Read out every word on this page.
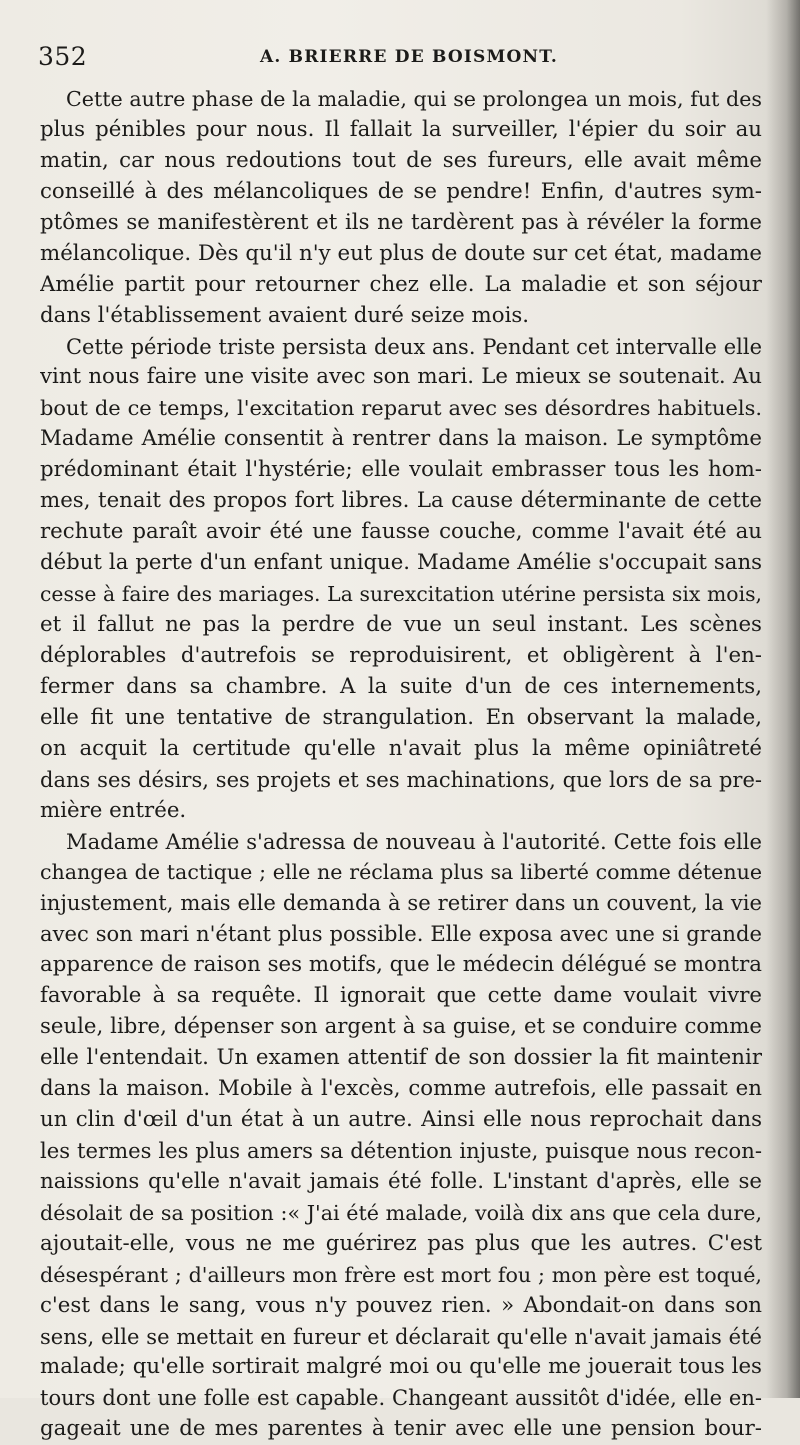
352	A. BRIERRE DE BOISMONT.
Cette autre phase de la maladie, qui se prolongea un mois, fut des
plus pénibles pour nous. Il fallait la surveiller, l'épier du soir au
matin, car nous redoutions tout de ses fureurs, elle avait même
conseillé à des mélancoliques de se pendre! Enfin, d'autres sym-
ptômes se manifestèrent et ils ne tardèrent pas à révéler la forme
mélancolique. Dès qu'il n'y eut plus de doute sur cet état, madame
Amélie partit pour retourner chez elle. La maladie et son séjour
dans l'établissement avaient duré seize mois.
Cette période triste persista deux ans. Pendant cet intervalle elle
vint nous faire une visite avec son mari. Le mieux se soutenait. Au
bout de ce temps, l'excitation reparut avec ses désordres habituels.
Madame Amélie consentit à rentrer dans la maison. Le symptôme
prédominant était l'hystérie; elle voulait embrasser tous les hom-
mes, tenait des propos fort libres. La cause déterminante de cette
rechute paraît avoir été une fausse couche, comme l'avait été au
début la perte d'un enfant unique. Madame Amélie s'occupait sans
cesse à faire des mariages. La surexcitation utérine persista six mois,
et il fallut ne pas la perdre de vue un seul instant. Les scènes
déplorables d'autrefois se reproduisirent, et obligèrent à l'en-
fermer dans sa chambre. A la suite d'un de ces internements,
elle fit une tentative de strangulation. En observant la malade,
on acquit la certitude qu'elle n'avait plus la même opiniâtreté
dans ses désirs, ses projets et ses machinations, que lors de sa pre-
mière entrée.
Madame Amélie s'adressa de nouveau à l'autorité. Cette fois elle
changea de tactique ; elle ne réclama plus sa liberté comme détenue
injustement, mais elle demanda à se retirer dans un couvent, la vie
avec son mari n'étant plus possible. Elle exposa avec une si grande
apparence de raison ses motifs, que le médecin délégué se montra
favorable à sa requête. Il ignorait que cette dame voulait vivre
seule, libre, dépenser son argent à sa guise, et se conduire comme
elle l'entendait. Un examen attentif de son dossier la fit maintenir
dans la maison. Mobile à l'excès, comme autrefois, elle passait en
un clin d'œil d'un état à un autre. Ainsi elle nous reprochait dans
les termes les plus amers sa détention injuste, puisque nous recon-
naissions qu'elle n'avait jamais été folle. L'instant d'après, elle se
désolait de sa position :« J'ai été malade, voilà dix ans que cela dure,
ajoutait-elle, vous ne me guérirez pas plus que les autres. C'est
désespérant ; d'ailleurs mon frère est mort fou ; mon père est toqué,
c'est dans le sang, vous n'y pouvez rien. » Abondait-on dans son
sens, elle se mettait en fureur et déclarait qu'elle n'avait jamais été
malade; qu'elle sortirait malgré moi ou qu'elle me jouerait tous les
tours dont une folle est capable. Changeant aussitôt d'idée, elle en-
gageait une de mes parentes à tenir avec elle une pension bour-
